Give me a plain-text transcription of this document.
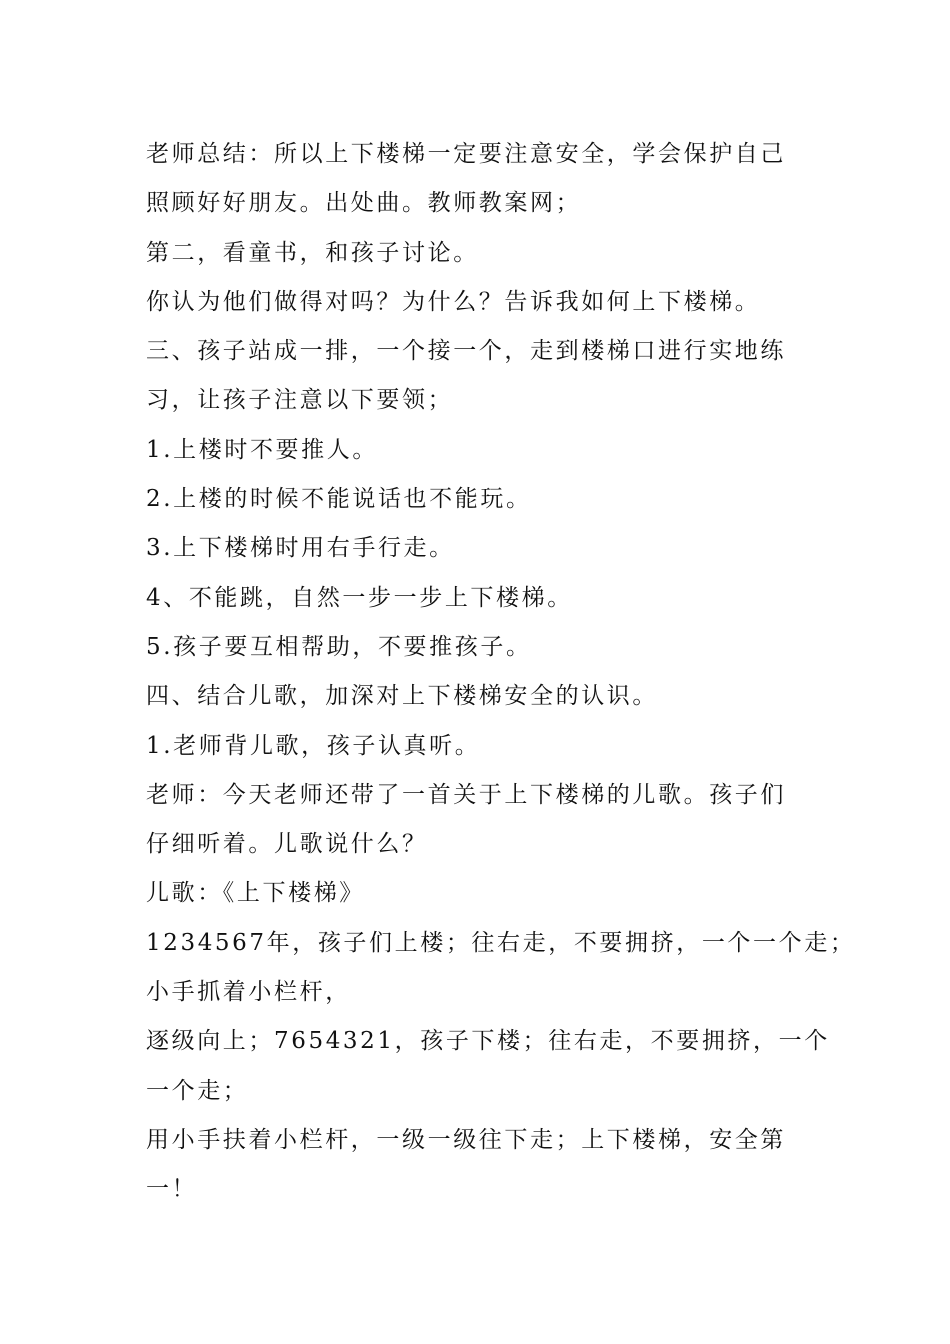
老师总结：所以上下楼梯一定要注意安全，学会保护自己
照顾好好朋友。出处曲。教师教案网；
第二，看童书，和孩子讨论。
你认为他们做得对吗？为什么？告诉我如何上下楼梯。
三、孩子站成一排，一个接一个，走到楼梯口进行实地练
习，让孩子注意以下要领；
1.上楼时不要推人。
2.上楼的时候不能说话也不能玩。
3.上下楼梯时用右手行走。
4、不能跳，自然一步一步上下楼梯。
5.孩子要互相帮助，不要推孩子。
四、结合儿歌，加深对上下楼梯安全的认识。
1.老师背儿歌，孩子认真听。
老师：今天老师还带了一首关于上下楼梯的儿歌。孩子们
仔细听着。儿歌说什么？
儿歌：《上下楼梯》
1234567年，孩子们上楼；往右走，不要拥挤，一个一个走；
小手抓着小栏杆，
逐级向上；7654321，孩子下楼；往右走，不要拥挤，一个
一个走；
用小手扶着小栏杆，一级一级往下走；上下楼梯，安全第
一！
